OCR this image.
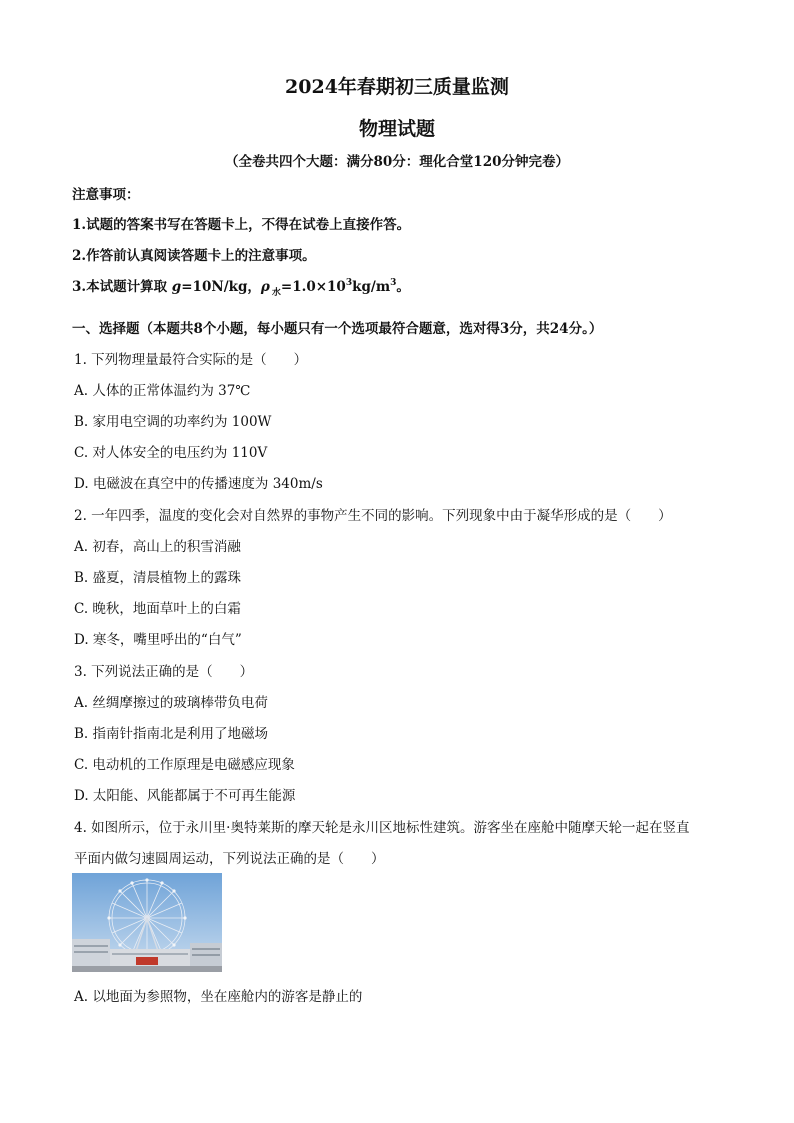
2024年春期初三质量监测
物理试题
（全卷共四个大题：满分80分：理化合堂120分钟完卷）
注意事项：
1.试题的答案书写在答题卡上，不得在试卷上直接作答。
2.作答前认真阅读答题卡上的注意事项。
3.本试题计算取 g=10N/kg，ρ $_水=1.0\times 10^3kg/m^3$。
一、选择题（本题共8个小题，每小题只有一个选项最符合题意，选对得3分，共24分。）
1. 下列物理量最符合实际的是（　　）
A. 人体的正常体温约为 37℃
B. 家用电空调的功率约为 100W
C. 对人体安全的电压约为 110V
D. 电磁波在真空中的传播速度为 340m/s
2. 一年四季，温度的变化会对自然界的事物产生不同的影响。下列现象中由于凝华形成的是（　　）
A. 初春，高山上的积雪消融
B. 盛夏，清晨植物上的露珠
C. 晚秋，地面草叶上的白霜
D. 寒冬，嘴里呼出的“白气”
3. 下列说法正确的是（　　）
A. 丝绸摩擦过的玻璃棒带负电荷
B. 指南针指南北是利用了地磁场
C. 电动机的工作原理是电磁感应现象
D. 太阳能、风能都属于不可再生能源
4. 如图所示，位于永川里·奥特莱斯的摩天轮是永川区地标性建筑。游客坐在座舱中随摩天轮一起在竖直
平面内做匀速圆周运动，下列说法正确的是（　　）
A. 以地面为参照物，坐在座舱内的游客是静止的
